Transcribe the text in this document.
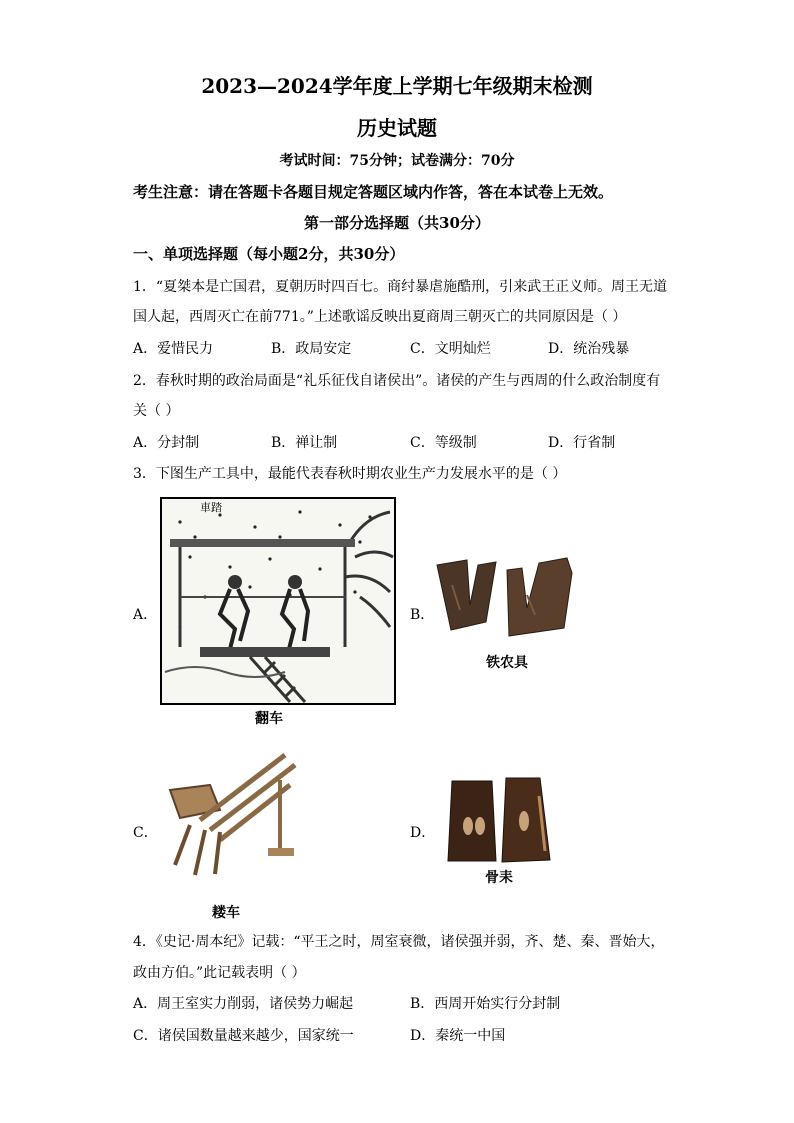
2023—2024学年度上学期七年级期末检测
历史试题
考试时间：75分钟；试卷满分：70分
考生注意：请在答题卡各题目规定答题区域内作答，答在本试卷上无效。
第一部分选择题（共30分）
一、单项选择题（每小题2分，共30分）
1．“夏桀本是亡国君，夏朝历时四百七。商纣暴虐施酷刑，引来武王正义师。周王无道
国人起，西周灭亡在前771。”上述歌谣反映出夏商周三朝灭亡的共同原因是（ ）
A．爱惜民力	B．政局安定	C．文明灿烂	D．统治残暴
2．春秋时期的政治局面是“礼乐征伐自诸侯出”。诸侯的产生与西周的什么政治制度有
关（ ）
A．分封制	B．禅让制	C．等级制	D．行省制
3．下图生产工具中，最能代表春秋时期农业生产力发展水平的是（ ）
A．
車踏
翻车
B．
铁农具
C．
耧车
D．
骨耒
4．《史记·周本纪》记载：“平王之时，周室衰微，诸侯强并弱，齐、楚、秦、晋始大，
政由方伯。”此记载表明（ ）
A．周王室实力削弱，诸侯势力崛起	B．西周开始实行分封制
C．诸侯国数量越来越少，国家统一	D．秦统一中国
